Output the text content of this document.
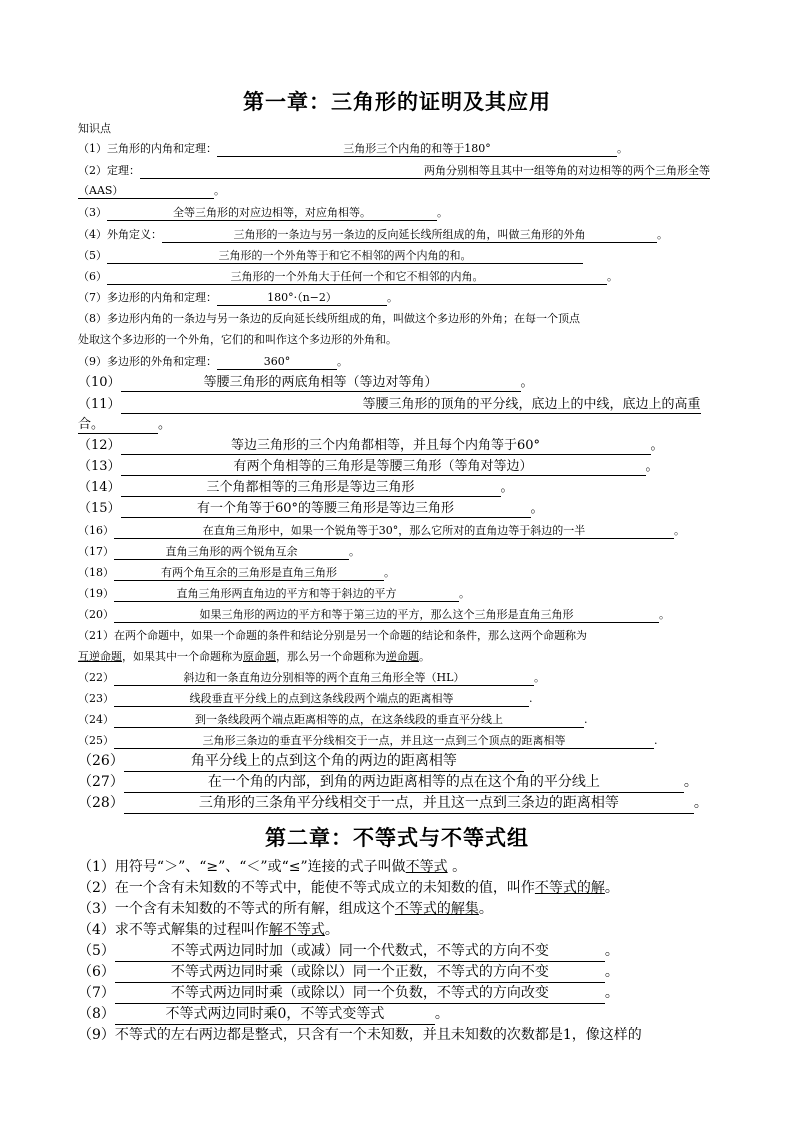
第一章：三角形的证明及其应用
知识点
（1）三角形的内角和定理：	三角形三个内角的和等于180°	。
（2）定理：	两角分别相等且其中一组等角的对边相等的两个三角形全等
（AAS）	。
（3）	全等三角形的对应边相等，对应角相等。	。
（4）外角定义：	三角形的一条边与另一条边的反向延长线所组成的角，叫做三角形的外角	。
（5）	三角形的一个外角等于和它不相邻的两个内角的和。
（6）	三角形的一个外角大于任何一个和它不相邻的内角。	。
（7）多边形的内角和定理：	180°·（n−2）	。
（8）多边形内角的一条边与另一条边的反向延长线所组成的角，叫做这个多边形的外角；在每一个顶点
处取这个多边形的一个外角，它们的和叫作这个多边形的外角和。
（9）多边形的外角和定理：	360°	。
（10）	等腰三角形的两底角相等（等边对等角）	。
（11）	等腰三角形的顶角的平分线，底边上的中线，底边上的高重
合。	。
（12）	等边三角形的三个内角都相等，并且每个内角等于60°	。
（13）	有两个角相等的三角形是等腰三角形（等角对等边）	。
（14）	三个角都相等的三角形是等边三角形	。
（15）	有一个角等于60°的等腰三角形是等边三角形	。
（16）	在直角三角形中，如果一个锐角等于30°，那么它所对的直角边等于斜边的一半	。
（17）	直角三角形的两个锐角互余	。
（18）	有两个角互余的三角形是直角三角形	。
（19）	直角三角形两直角边的平方和等于斜边的平方	。
（20）	如果三角形的两边的平方和等于第三边的平方，那么这个三角形是直角三角形	。
（21）在两个命题中，如果一个命题的条件和结论分别是另一个命题的结论和条件，那么这两个命题称为
互逆命题，如果其中一个命题称为原命题，那么另一个命题称为逆命题。
（22）	斜边和一条直角边分别相等的两个直角三角形全等（HL）	。
（23）	线段垂直平分线上的点到这条线段两个端点的距离相等	.
（24）	到一条线段两个端点距离相等的点，在这条线段的垂直平分线上	.
（25）	三角形三条边的垂直平分线相交于一点，并且这一点到三个顶点的距离相等	.
（26）	角平分线上的点到这个角的两边的距离相等
（27）	在一个角的内部，到角的两边距离相等的点在这个角的平分线上	。
（28）	三角形的三条角平分线相交于一点，并且这一点到三条边的距离相等	。
第二章：不等式与不等式组
（1）用符号“＞”、“≥”、“＜”或“≤”连接的式子叫做不等式 。
（2）在一个含有未知数的不等式中，能使不等式成立的未知数的值，叫作不等式的解。
（3）一个含有未知数的不等式的所有解，组成这个不等式的解集。
（4）求不等式解集的过程叫作解不等式。
（5）	不等式两边同时加（或减）同一个代数式，不等式的方向不变	。
（6）	不等式两边同时乘（或除以）同一个正数，不等式的方向不变	。
（7）	不等式两边同时乘（或除以）同一个负数，不等式的方向改变	。
（8）	不等式两边同时乘0，不等式变等式	。
（9）不等式的左右两边都是整式，只含有一个未知数，并且未知数的次数都是1，像这样的
